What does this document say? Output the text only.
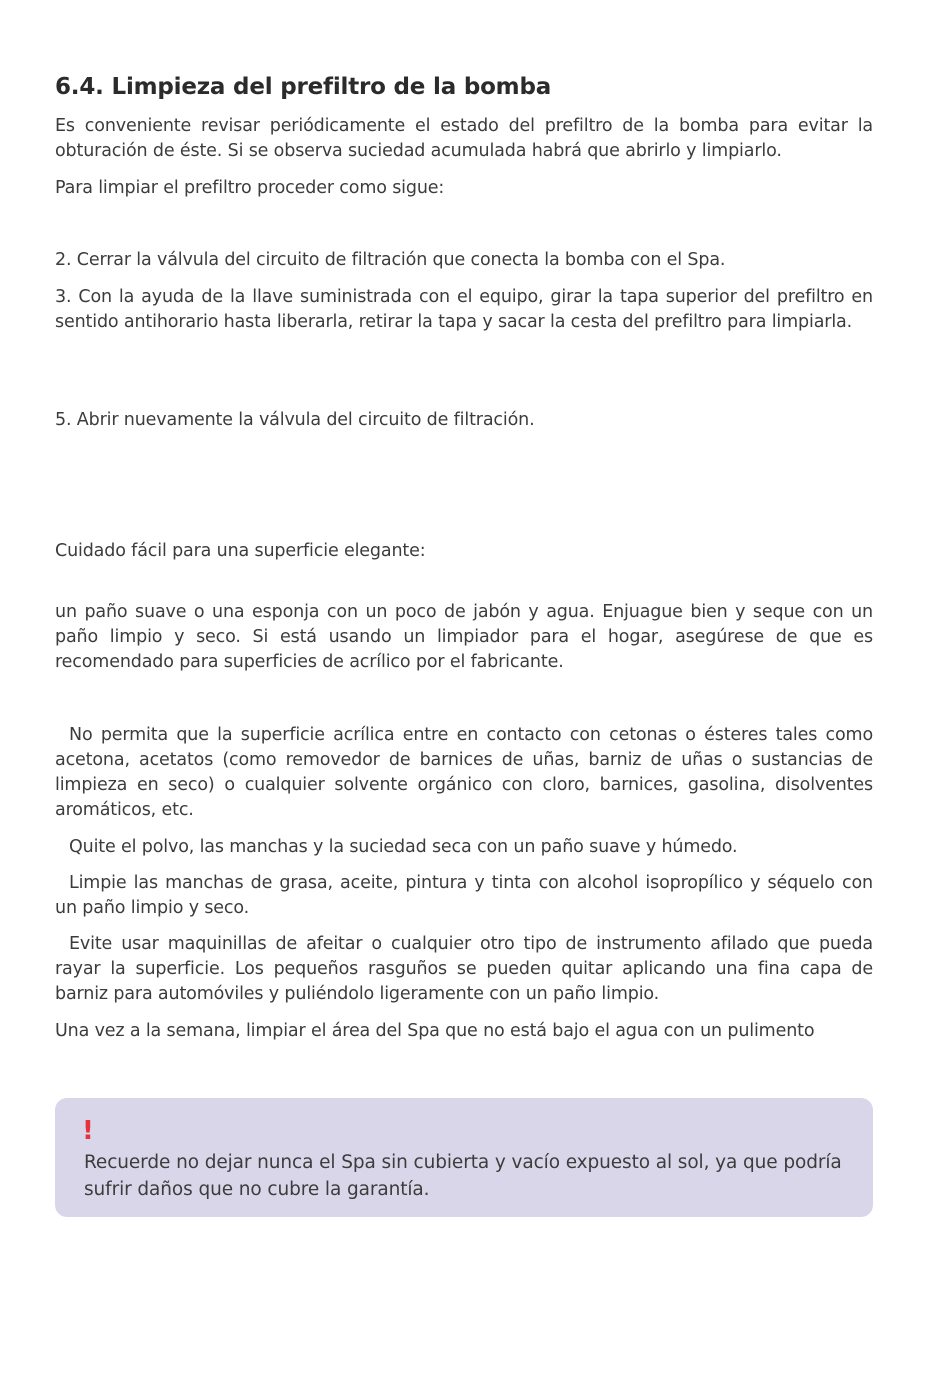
6.4. Limpieza del prefiltro de la bomba

Es conveniente revisar periódicamente el estado del prefiltro de la bomba para evitar la obturación de éste. Si se observa suciedad acumulada habrá que abrirlo y limpiarlo.

Para limpiar el prefiltro proceder como sigue:

2. Cerrar la válvula del circuito de filtración que conecta la bomba con el Spa.

3. Con la ayuda de la llave suministrada con el equipo, girar la tapa superior del prefiltro en sentido antihorario hasta liberarla, retirar la tapa y sacar la cesta del prefiltro para limpiarla.

5. Abrir nuevamente la válvula del circuito de filtración.

Cuidado fácil para una superficie elegante:

un paño suave o una esponja con un poco de jabón y agua. Enjuague bien y seque con un paño limpio y seco. Si está usando un limpiador para el hogar, asegúrese de que es recomendado para superficies de acrílico por el fabricante.

No permita que la superficie acrílica entre en contacto con cetonas o ésteres tales como acetona, acetatos (como removedor de barnices de uñas, barniz de uñas o sustancias de limpieza en seco) o cualquier solvente orgánico con cloro, barnices, gasolina, disolventes aromáticos, etc.

Quite el polvo, las manchas y la suciedad seca con un paño suave y húmedo.

Limpie las manchas de grasa, aceite, pintura y tinta con alcohol isopropílico y séquelo con un paño limpio y seco.

Evite usar maquinillas de afeitar o cualquier otro tipo de instrumento afilado que pueda rayar la superficie. Los pequeños rasguños se pueden quitar aplicando una fina capa de barniz para automóviles y puliéndolo ligeramente con un paño limpio.

Una vez a la semana, limpiar el área del Spa que no está bajo el agua con un pulimento

!

Recuerde no dejar nunca el Spa sin cubierta y vacío expuesto al sol, ya que podría sufrir daños que no cubre la garantía.
